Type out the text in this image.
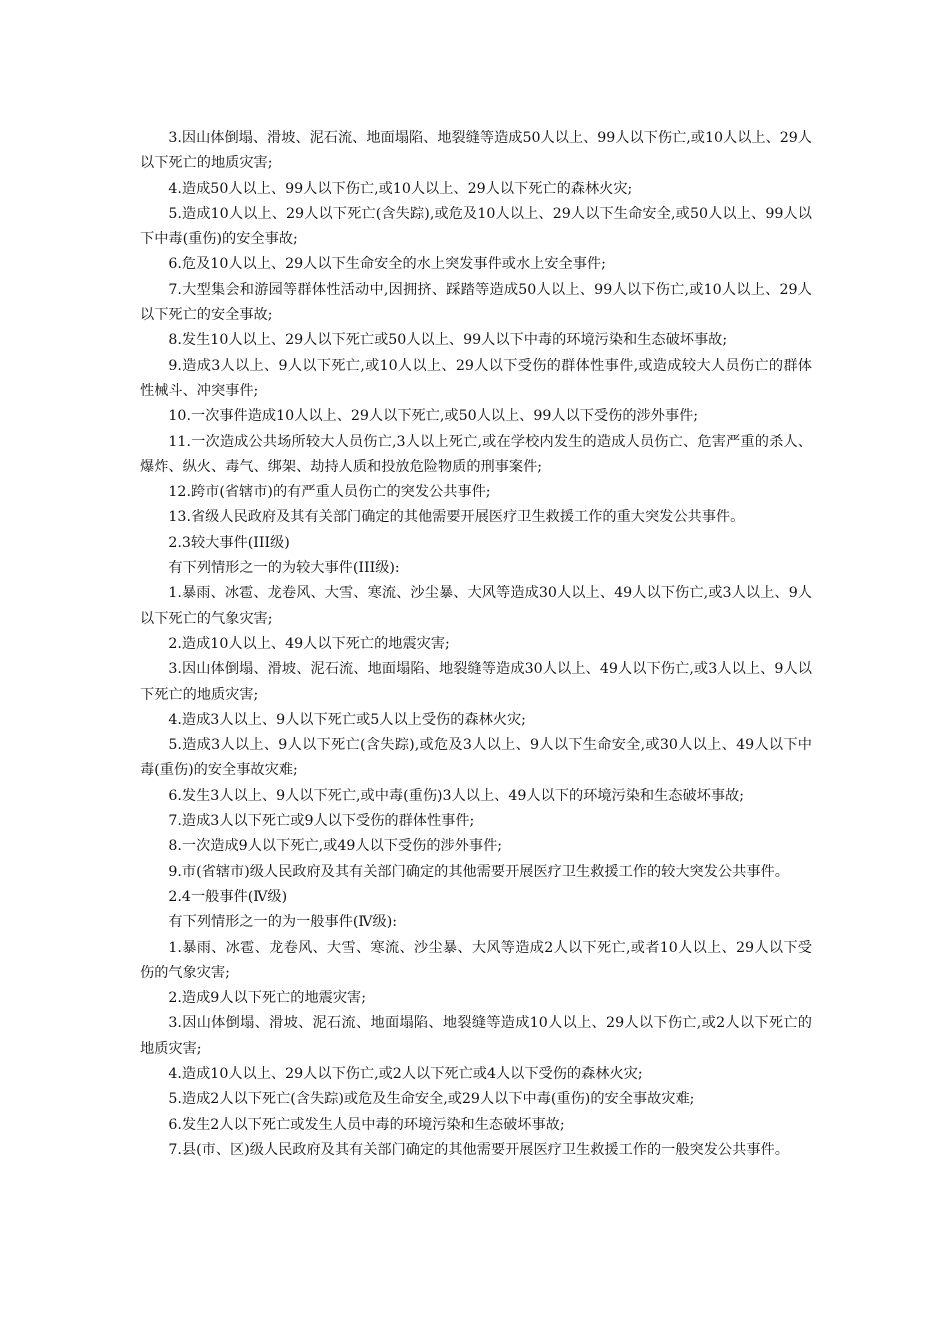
3.因山体倒塌、滑坡、泥石流、地面塌陷、地裂缝等造成50人以上、99人以下伤亡,或10人以上、29人以下死亡的地质灾害;

4.造成50人以上、99人以下伤亡,或10人以上、29人以下死亡的森林火灾;

5.造成10人以上、29人以下死亡(含失踪),或危及10人以上、29人以下生命安全,或50人以上、99人以下中毒(重伤)的安全事故;

6.危及10人以上、29人以下生命安全的水上突发事件或水上安全事件;

7.大型集会和游园等群体性活动中,因拥挤、踩踏等造成50人以上、99人以下伤亡,或10人以上、29人以下死亡的安全事故;

8.发生10人以上、29人以下死亡或50人以上、99人以下中毒的环境污染和生态破坏事故;

9.造成3人以上、9人以下死亡,或10人以上、29人以下受伤的群体性事件,或造成较大人员伤亡的群体性械斗、冲突事件;

10.一次事件造成10人以上、29人以下死亡,或50人以上、99人以下受伤的涉外事件;

11.一次造成公共场所较大人员伤亡,3人以上死亡,或在学校内发生的造成人员伤亡、危害严重的杀人、爆炸、纵火、毒气、绑架、劫持人质和投放危险物质的刑事案件;

12.跨市(省辖市)的有严重人员伤亡的突发公共事件;

13.省级人民政府及其有关部门确定的其他需要开展医疗卫生救援工作的重大突发公共事件。

2.3较大事件(III级)

有下列情形之一的为较大事件(III级):

1.暴雨、冰雹、龙卷风、大雪、寒流、沙尘暴、大风等造成30人以上、49人以下伤亡,或3人以上、9人以下死亡的气象灾害;

2.造成10人以上、49人以下死亡的地震灾害;

3.因山体倒塌、滑坡、泥石流、地面塌陷、地裂缝等造成30人以上、49人以下伤亡,或3人以上、9人以下死亡的地质灾害;

4.造成3人以上、9人以下死亡或5人以上受伤的森林火灾;

5.造成3人以上、9人以下死亡(含失踪),或危及3人以上、9人以下生命安全,或30人以上、49人以下中毒(重伤)的安全事故灾难;

6.发生3人以上、9人以下死亡,或中毒(重伤)3人以上、49人以下的环境污染和生态破坏事故;

7.造成3人以下死亡或9人以下受伤的群体性事件;

8.一次造成9人以下死亡,或49人以下受伤的涉外事件;

9.市(省辖市)级人民政府及其有关部门确定的其他需要开展医疗卫生救援工作的较大突发公共事件。

2.4一般事件(Ⅳ级)

有下列情形之一的为一般事件(Ⅳ级):

1.暴雨、冰雹、龙卷风、大雪、寒流、沙尘暴、大风等造成2人以下死亡,或者10人以上、29人以下受伤的气象灾害;

2.造成9人以下死亡的地震灾害;

3.因山体倒塌、滑坡、泥石流、地面塌陷、地裂缝等造成10人以上、29人以下伤亡,或2人以下死亡的地质灾害;

4.造成10人以上、29人以下伤亡,或2人以下死亡或4人以下受伤的森林火灾;

5.造成2人以下死亡(含失踪)或危及生命安全,或29人以下中毒(重伤)的安全事故灾难;

6.发生2人以下死亡或发生人员中毒的环境污染和生态破坏事故;

7.县(市、区)级人民政府及其有关部门确定的其他需要开展医疗卫生救援工作的一般突发公共事件。
